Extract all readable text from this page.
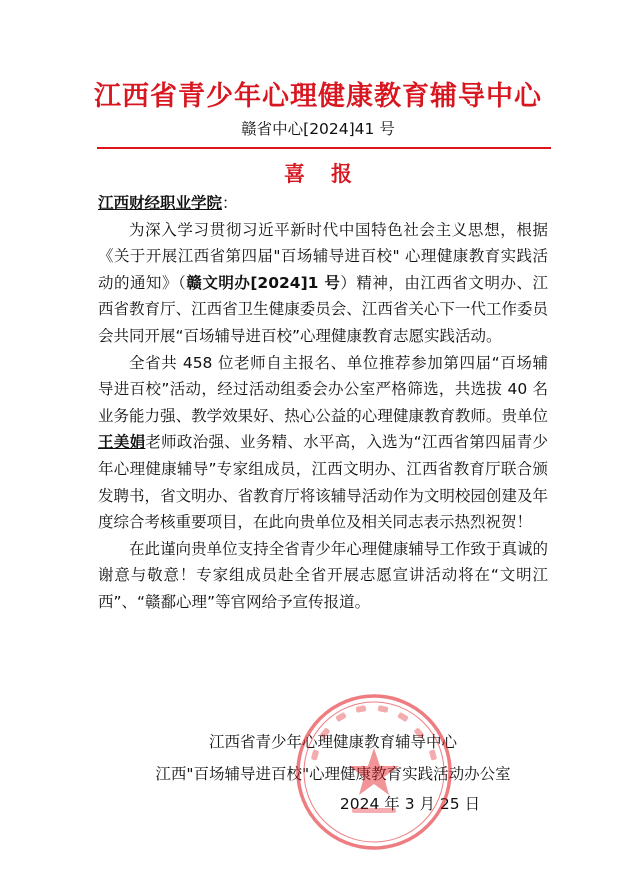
江西省青少年心理健康教育辅导中心
赣省中心[2024]41 号
喜报

江西财经职业学院：

为深入学习贯彻习近平新时代中国特色社会主义思想，根据《关于开展江西省第四届"百场辅导进百校" 心理健康教育实践活动的通知》（赣文明办[2024]1 号）精神，由江西省文明办、江西省教育厅、江西省卫生健康委员会、江西省关心下一代工作委员会共同开展“百场辅导进百校”心理健康教育志愿实践活动。

全省共 458 位老师自主报名、单位推荐参加第四届“百场辅导进百校”活动，经过活动组委会办公室严格筛选，共选拔 40 名业务能力强、教学效果好、热心公益的心理健康教育教师。贵单位王美娟老师政治强、业务精、水平高，入选为“江西省第四届青少年心理健康辅导”专家组成员，江西文明办、江西省教育厅联合颁发聘书，省文明办、省教育厅将该辅导活动作为文明校园创建及年度综合考核重要项目，在此向贵单位及相关同志表示热烈祝贺！

在此谨向贵单位支持全省青少年心理健康辅导工作致于真诚的谢意与敬意！专家组成员赴全省开展志愿宣讲活动将在“文明江西”、“赣鄱心理”等官网给予宣传报道。

江西省青少年心理健康教育辅导中心
江西"百场辅导进百校"心理健康教育实践活动办公室
2024 年 3 月 25 日
